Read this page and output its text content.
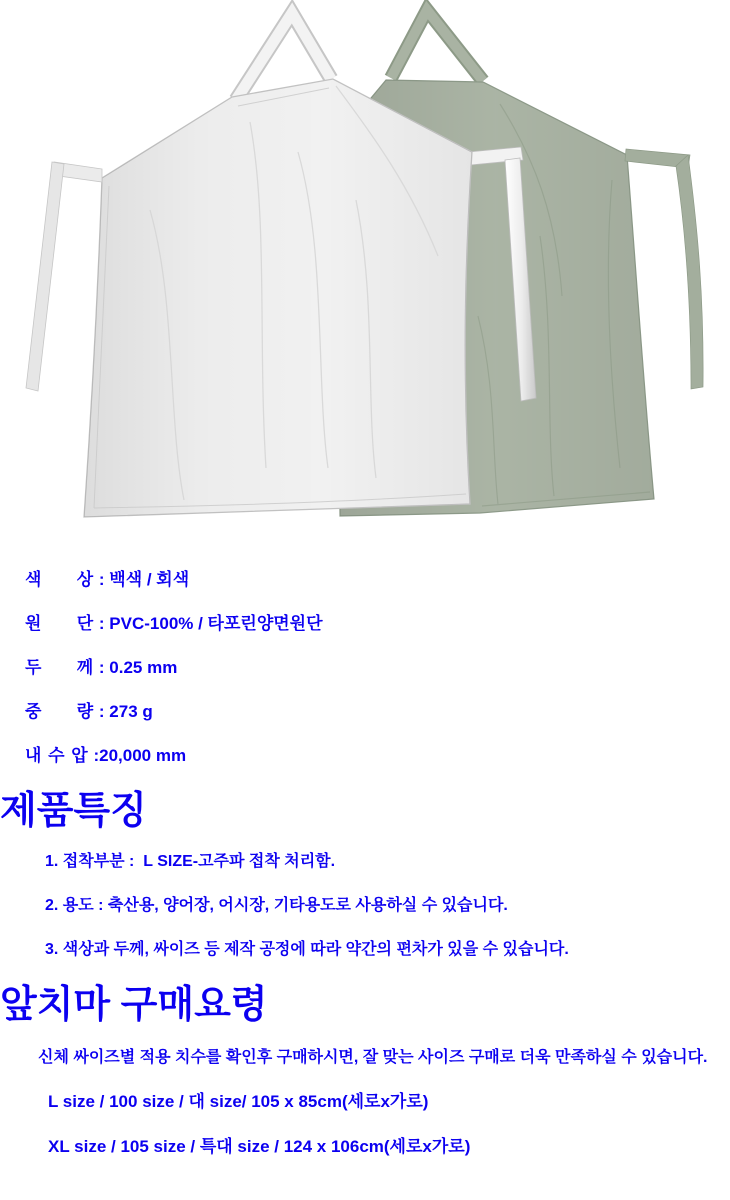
색      상 : 백색 / 회색
원      단 : PVC-100% / 타포린양면원단
두      께 : 0.25 mm
중      량 : 273 g
내 수 압 :20,000 mm
제품특징
1. 접착부분 :  L SIZE-고주파 접착 처리함.
2. 용도 : 축산용, 양어장, 어시장, 기타용도로 사용하실 수 있습니다.
3. 색상과 두께, 싸이즈 등 제작 공정에 따라 약간의 편차가 있을 수 있습니다.
앞치마 구매요령

신체 싸이즈별 적용 치수를 확인후 구매하시면, 잘 맞는 사이즈 구매로 더욱 만족하실 수 있습니다.

L size / 100 size / 대 size/ 105 x 85cm(세로x가로)
XL size / 105 size / 특대 size / 124 x 106cm(세로x가로)
